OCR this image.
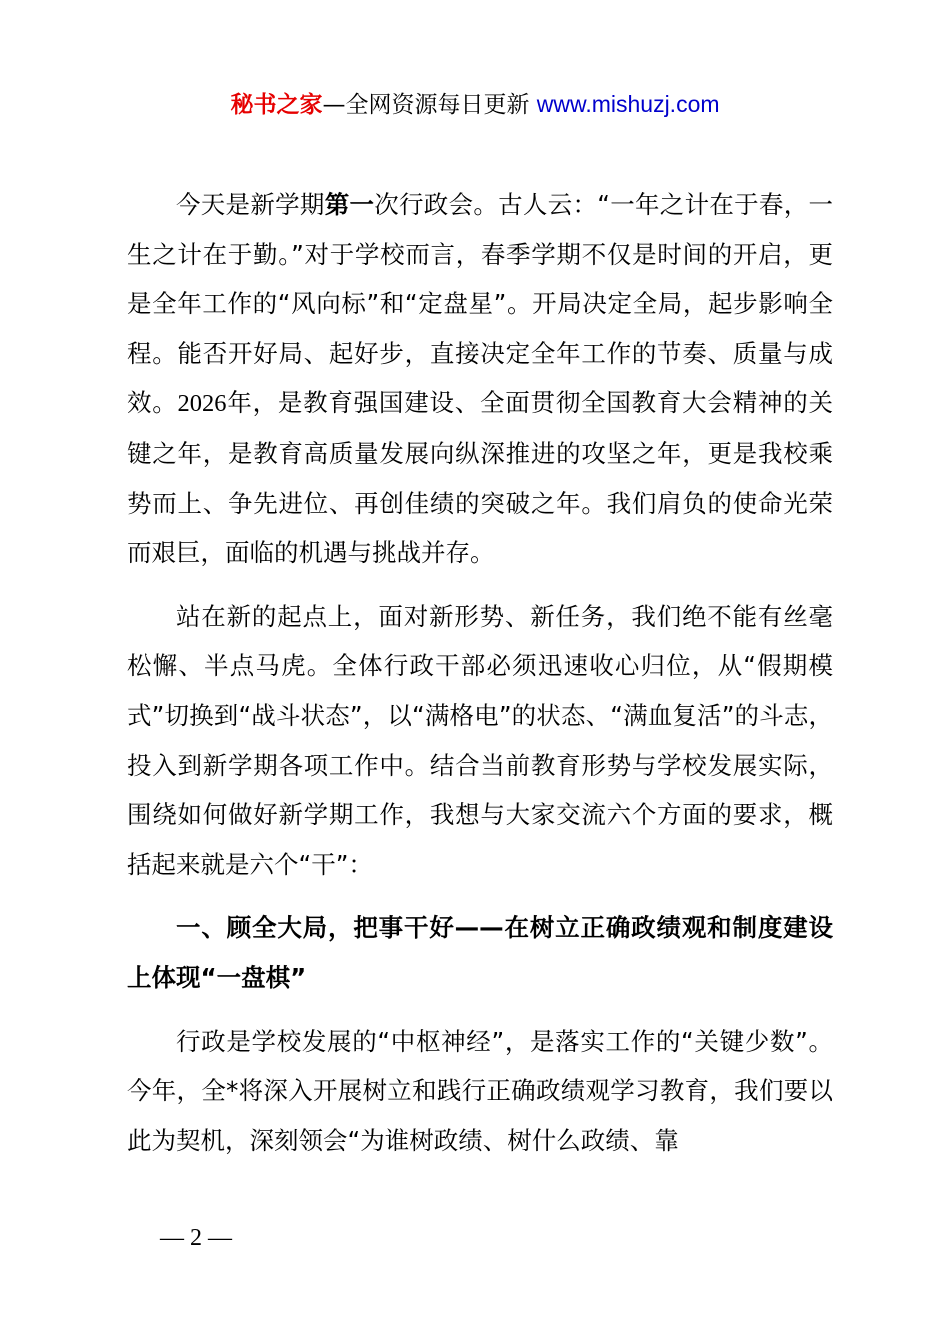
秘书之家—全网资源每日更新 www.mishuzj.com

今天是新学期第一次行政会。古人云：“一年之计在于春，一生之计在于勤。”对于学校而言，春季学期不仅是时间的开启，更是全年工作的“风向标”和“定盘星”。开局决定全局，起步影响全程。能否开好局、起好步，直接决定全年工作的节奏、质量与成效。2026年，是教育强国建设、全面贯彻全国教育大会精神的关键之年，是教育高质量发展向纵深推进的攻坚之年，更是我校乘势而上、争先进位、再创佳绩的突破之年。我们肩负的使命光荣而艰巨，面临的机遇与挑战并存。

站在新的起点上，面对新形势、新任务，我们绝不能有丝毫松懈、半点马虎。全体行政干部必须迅速收心归位，从“假期模式”切换到“战斗状态”，以“满格电”的状态、“满血复活”的斗志，投入到新学期各项工作中。结合当前教育形势与学校发展实际，围绕如何做好新学期工作，我想与大家交流六个方面的要求，概括起来就是六个“干”：

一、顾全大局，把事干好——在树立正确政绩观和制度建设上体现“一盘棋”

行政是学校发展的“中枢神经”，是落实工作的“关键少数”。今年，全*将深入开展树立和践行正确政绩观学习教育，我们要以此为契机，深刻领会“为谁树政绩、树什么政绩、靠

— 2 —
